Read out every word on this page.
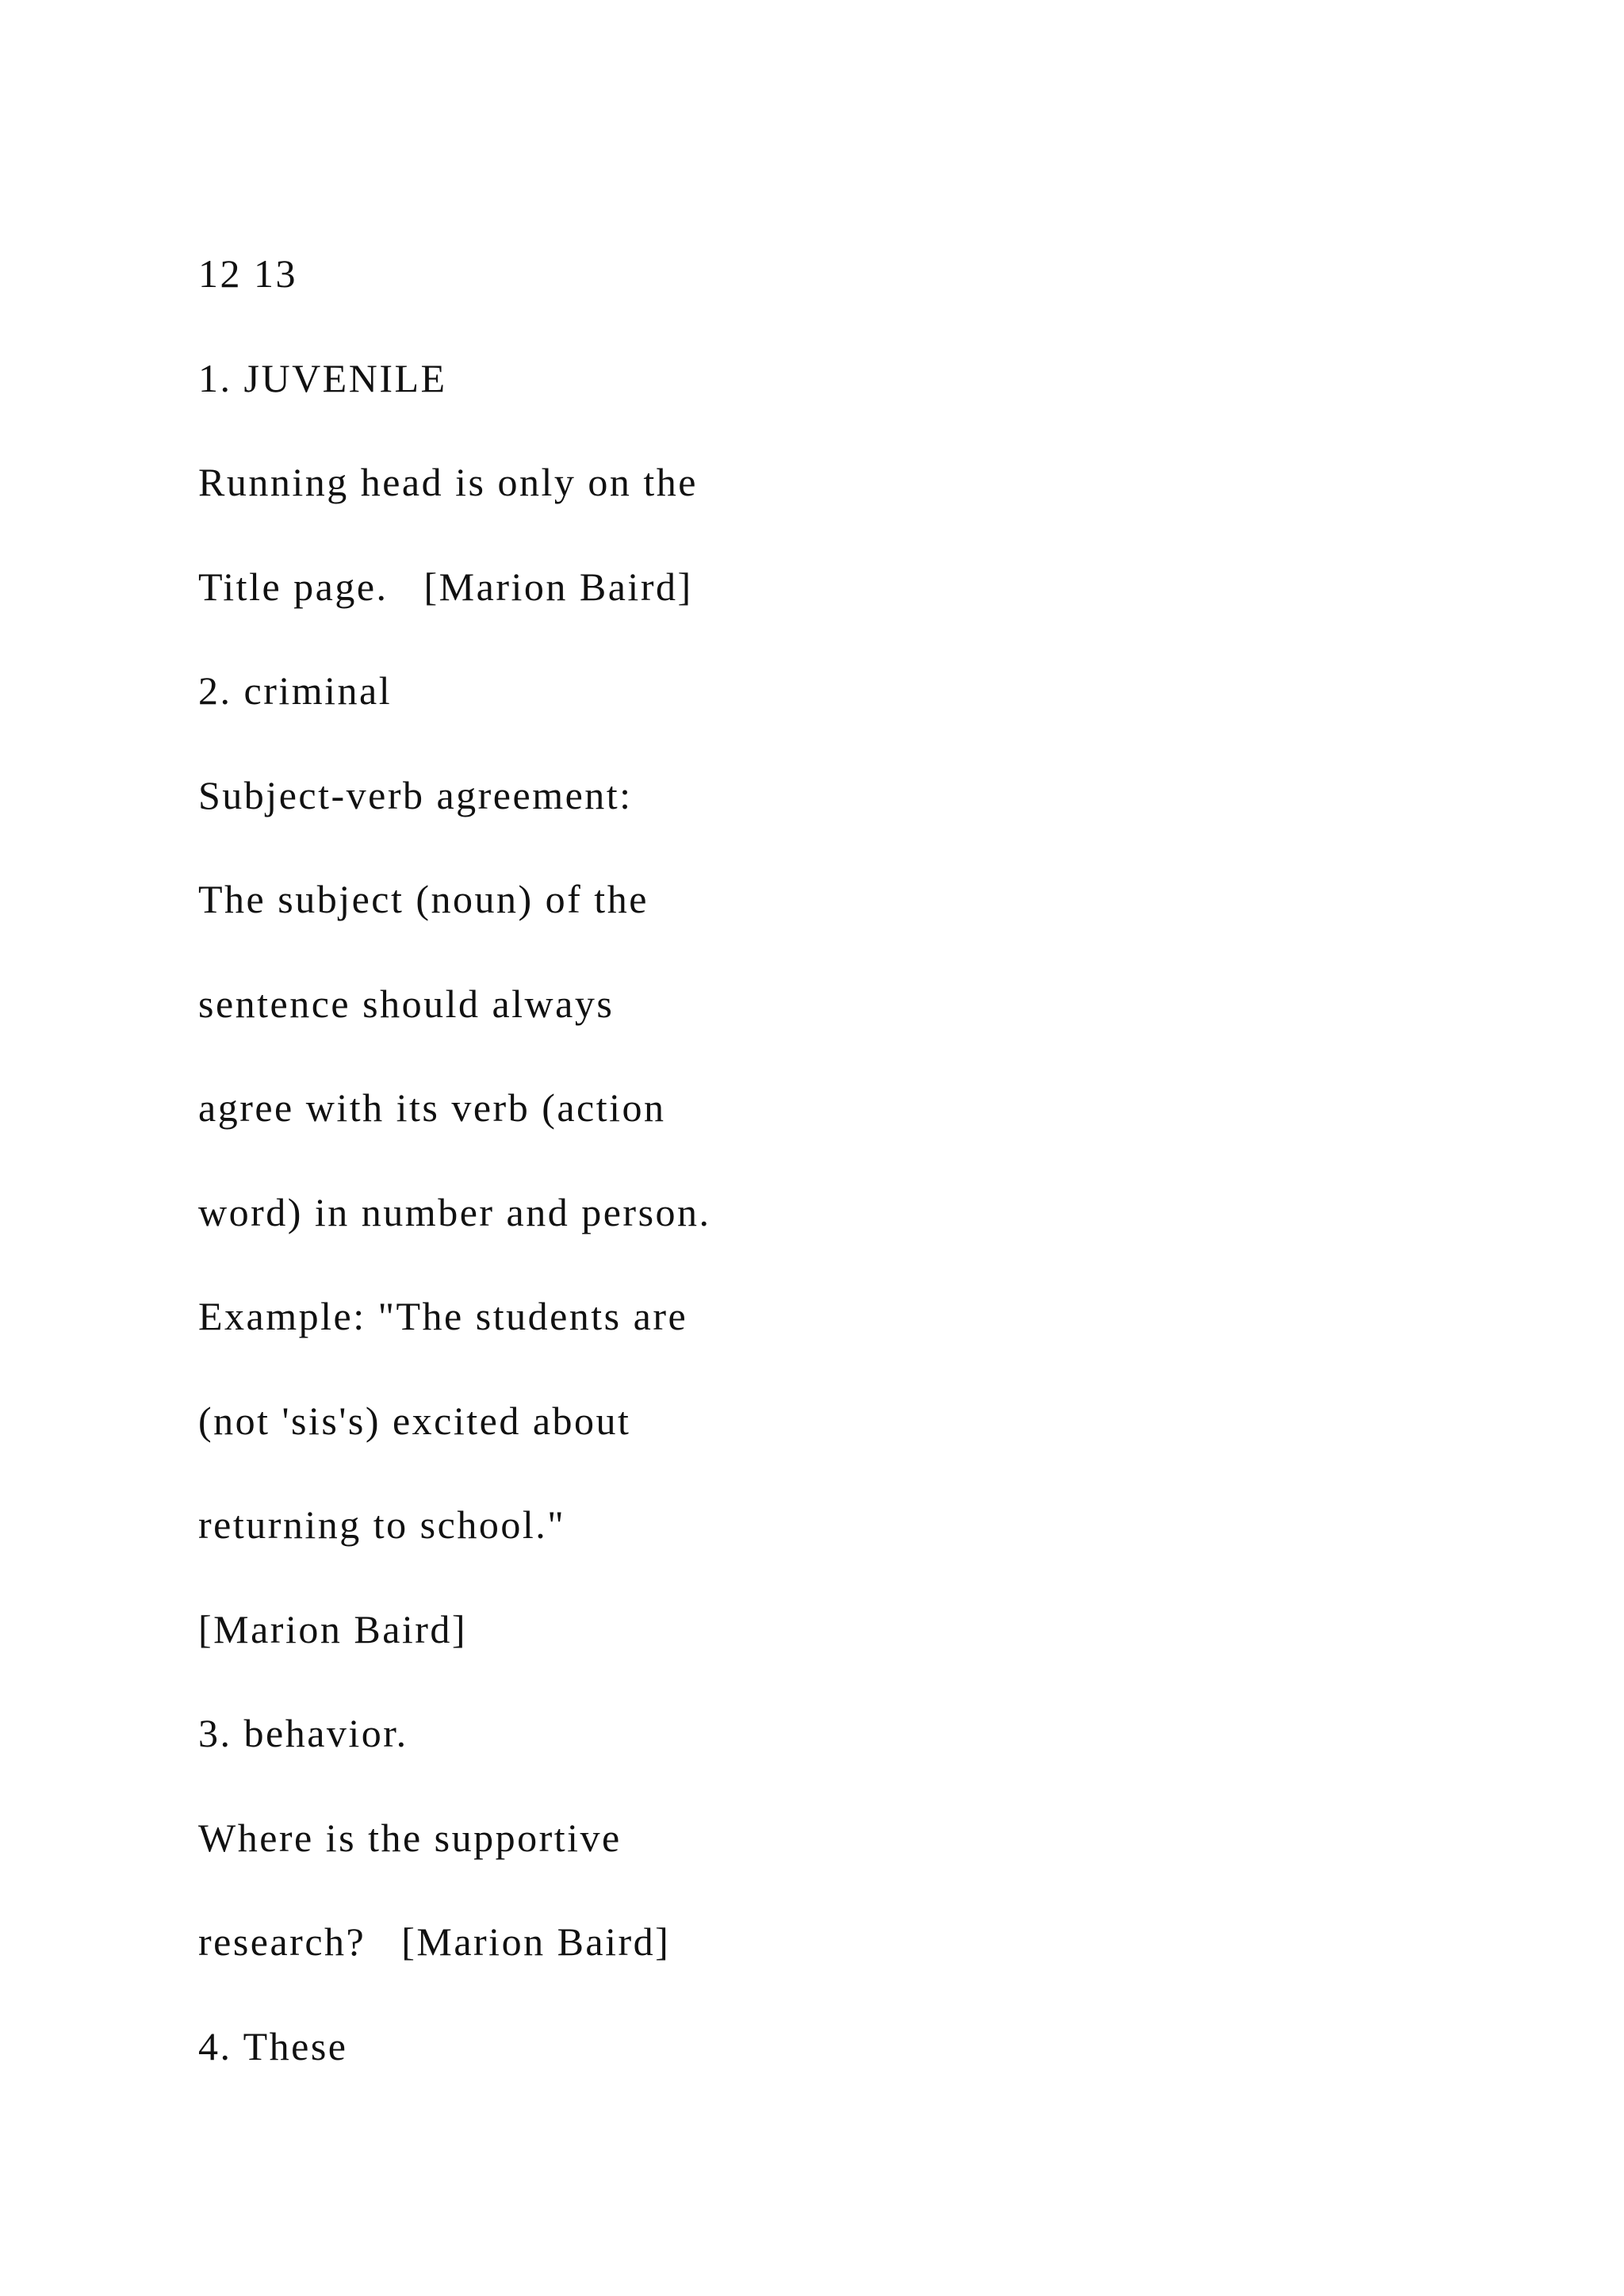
12 13
1. JUVENILE
Running head is only on the
Title page.   [Marion Baird]
2. criminal
Subject-verb agreement:
The subject (noun) of the
sentence should always
agree with its verb (action
word) in number and person.
Example: "The students are
(not 'sis's) excited about
returning to school."
[Marion Baird]
3. behavior.
Where is the supportive
research?   [Marion Baird]
4. These
